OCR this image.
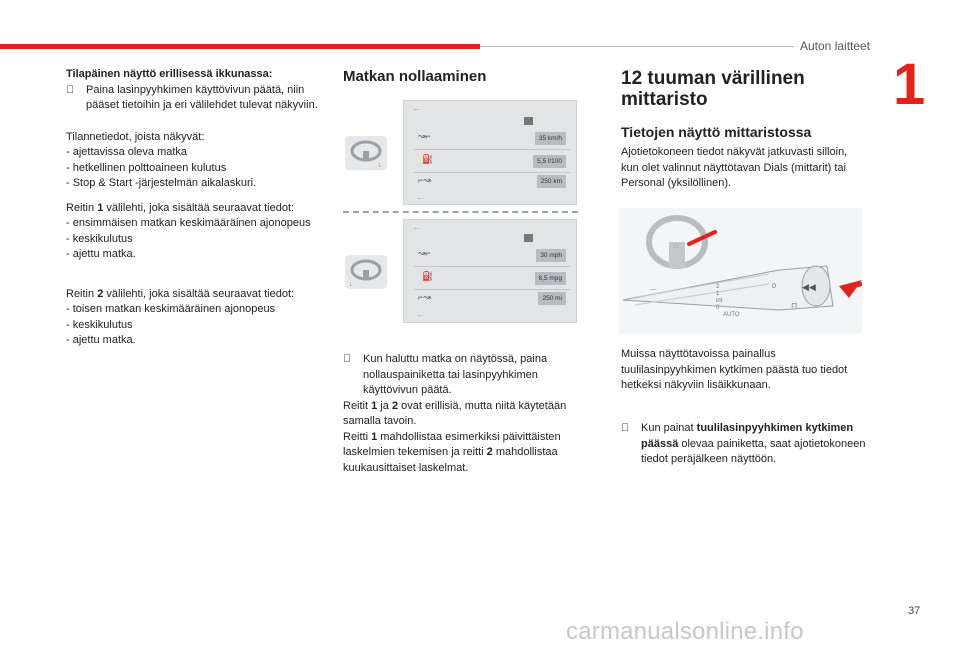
Auton laitteet
1

Tilapäinen näyttö erillisessä ikkunassa:

Paina lasinpyyhkimen käyttövivun päätä, niin pääset tietoihin ja eri välilehdet tulevat näkyviin.

Tilannetiedot, joista näkyvät:

- ajettavissa oleva matka

- hetkellinen polttoaineen kulutus

- Stop & Start -järjestelmän aikalaskuri.

Reitin 1 välilehti, joka sisältää seuraavat tiedot:

- ensimmäisen matkan keskimääräinen ajonopeus

- keskikulutus

- ajettu matka.

Reitin 2 välilehti, joka sisältää seuraavat tiedot:

- toisen matkan keskimääräinen ajonopeus

- keskikulutus

- ajettu matka.

Matkan nollaaminen
↓
↓
←
↝⌐	35 km/h
⛽	5,5 l/100
⌐↝	250 km
←
←
↝⌐	30 mph
⛽	6,5 mpg
⌐↝	250 mi
←

Kun haluttu matka on näytössä, paina nollauspainiketta tai lasinpyyhkimen käyttövivun päätä.

Reitit 1 ja 2 ovat erillisiä, mutta niitä käytetään samalla tavoin.

Reitti 1 mahdollistaa esimerkiksi päivittäisten laskelmien tekemisen ja reitti 2 mahdollistaa kuukausittaiset laskelmat.

12 tuuman värillinen
mittaristo
Tietojen näyttö mittaristossa
Ajotietokoneen tiedot näkyvät jatkuvasti silloin, kun olet valinnut näyttötavan Dials (mittarit) tai Personal (yksilöllinen).
⌂
◀◀
2
1
int
0
AUTO
0
⌒
⊓
Muissa näyttötavoissa painallus tuulilasinpyyhkimen kytkimen päästä tuo tiedot hetkeksi näkyviin lisäikkunaan.

Kun painat tuulilasinpyyhkimen kytkimen päässä olevaa painiketta, saat ajotietokoneen tiedot peräjälkeen näyttöön.

37
carmanualsonline.info
